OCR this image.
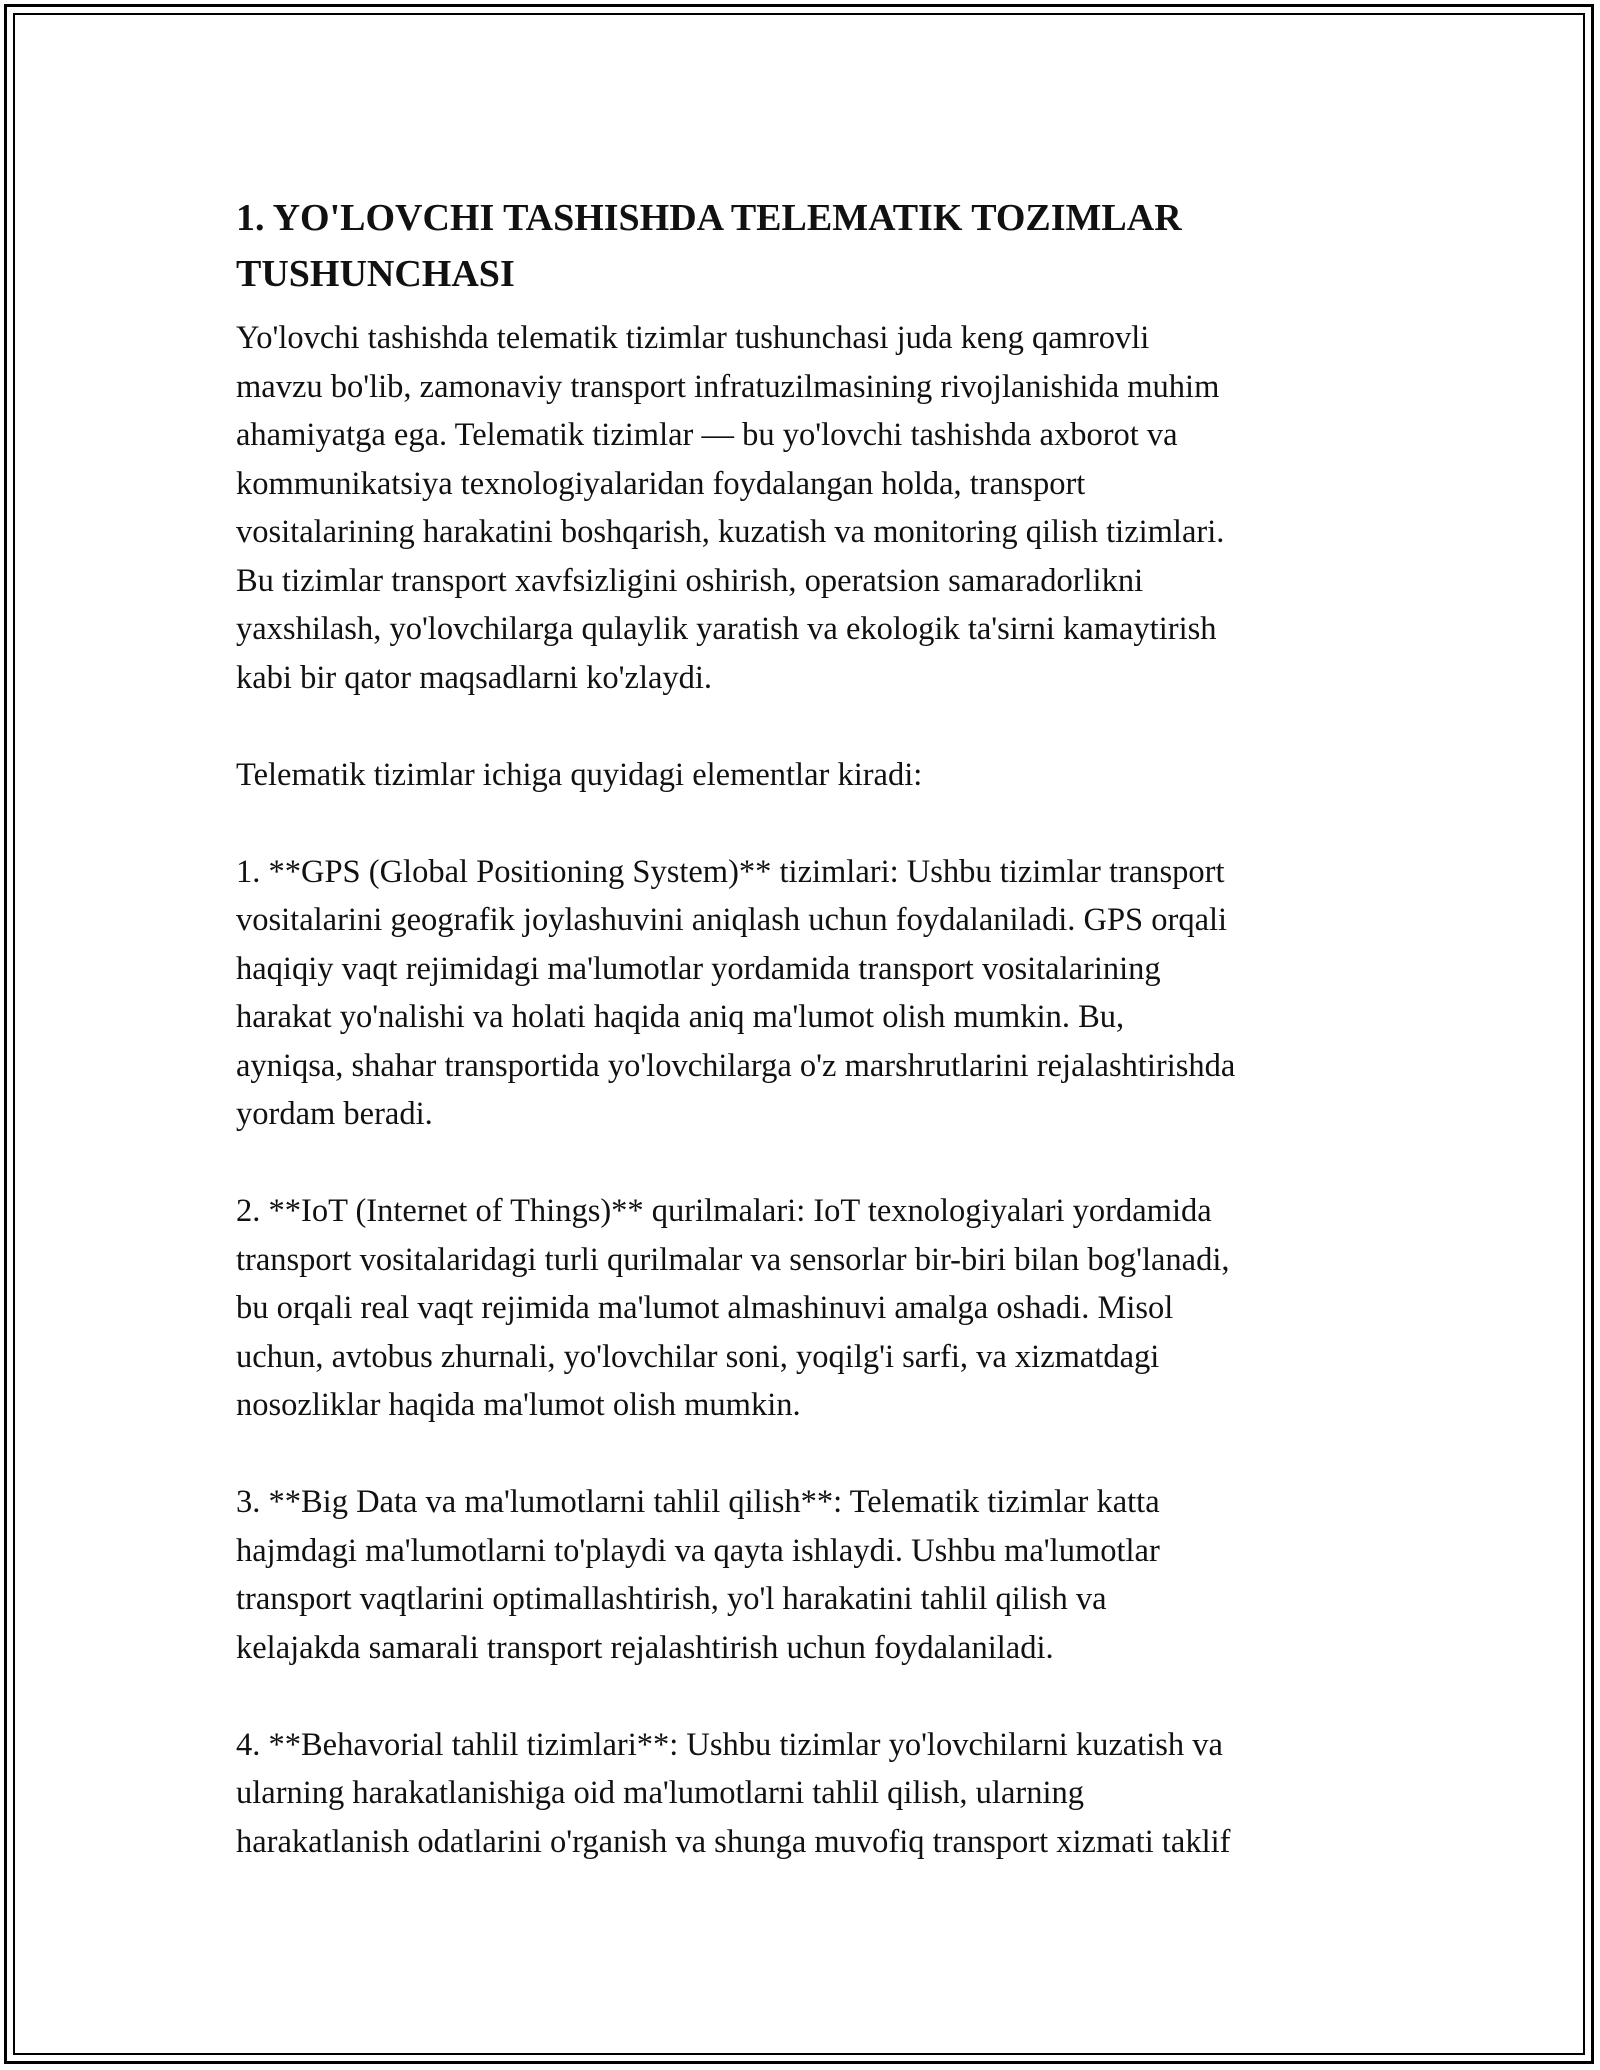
1. YO'LOVCHI TASHISHDA TELEMATIK TOZIMLAR
TUSHUNCHASI

Yo'lovchi tashishda telematik tizimlar tushunchasi juda keng qamrovli
mavzu bo'lib, zamonaviy transport infratuzilmasining rivojlanishida muhim
ahamiyatga ega. Telematik tizimlar — bu yo'lovchi tashishda axborot va
kommunikatsiya texnologiyalaridan foydalangan holda, transport
vositalarining harakatini boshqarish, kuzatish va monitoring qilish tizimlari.
Bu tizimlar transport xavfsizligini oshirish, operatsion samaradorlikni
yaxshilash, yo'lovchilarga qulaylik yaratish va ekologik ta'sirni kamaytirish
kabi bir qator maqsadlarni ko'zlaydi.

Telematik tizimlar ichiga quyidagi elementlar kiradi:

1. **GPS (Global Positioning System)** tizimlari: Ushbu tizimlar transport
vositalarini geografik joylashuvini aniqlash uchun foydalaniladi. GPS orqali
haqiqiy vaqt rejimidagi ma'lumotlar yordamida transport vositalarining
harakat yo'nalishi va holati haqida aniq ma'lumot olish mumkin. Bu,
ayniqsa, shahar transportida yo'lovchilarga o'z marshrutlarini rejalashtirishda
yordam beradi.

2. **IoT (Internet of Things)** qurilmalari: IoT texnologiyalari yordamida
transport vositalaridagi turli qurilmalar va sensorlar bir-biri bilan bog'lanadi,
bu orqali real vaqt rejimida ma'lumot almashinuvi amalga oshadi. Misol
uchun, avtobus zhurnali, yo'lovchilar soni, yoqilg'i sarfi, va xizmatdagi
nosozliklar haqida ma'lumot olish mumkin.

3. **Big Data va ma'lumotlarni tahlil qilish**: Telematik tizimlar katta
hajmdagi ma'lumotlarni to'playdi va qayta ishlaydi. Ushbu ma'lumotlar
transport vaqtlarini optimallashtirish, yo'l harakatini tahlil qilish va
kelajakda samarali transport rejalashtirish uchun foydalaniladi.

4. **Behavorial tahlil tizimlari**: Ushbu tizimlar yo'lovchilarni kuzatish va
ularning harakatlanishiga oid ma'lumotlarni tahlil qilish, ularning
harakatlanish odatlarini o'rganish va shunga muvofiq transport xizmati taklif
